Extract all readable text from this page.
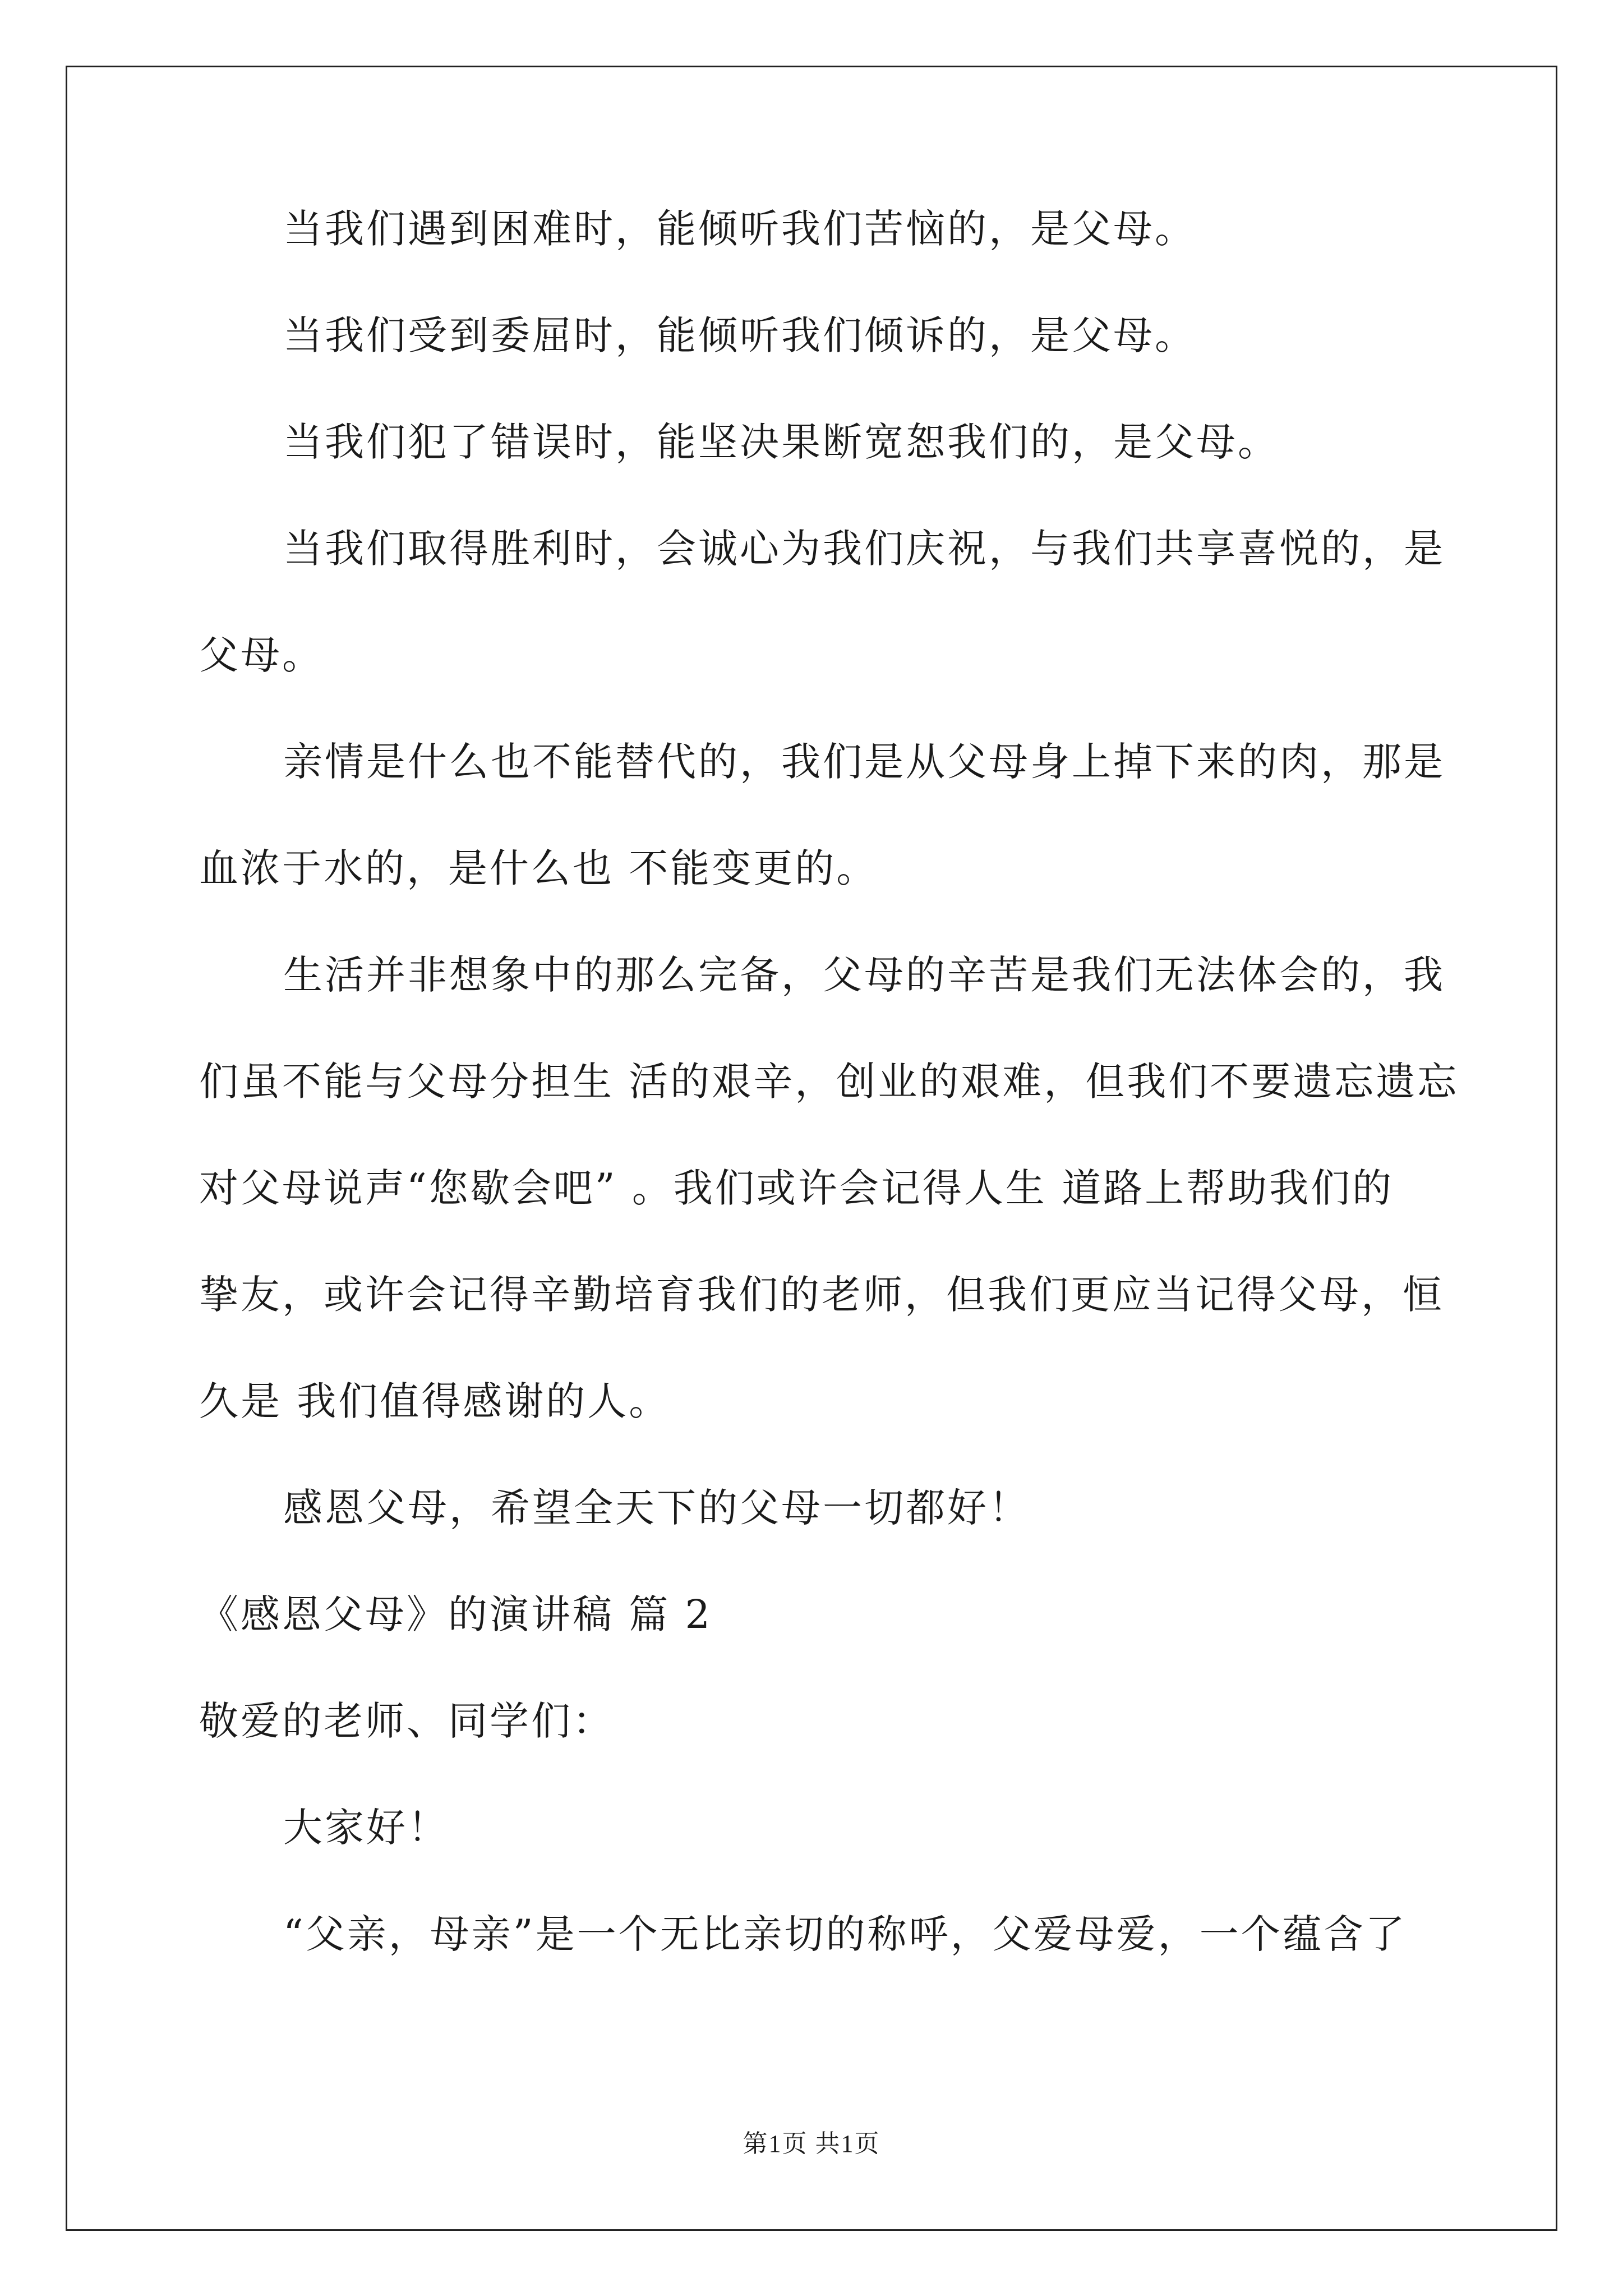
当我们遇到困难时，能倾听我们苦恼的，是父母。
当我们受到委屈时，能倾听我们倾诉的，是父母。
当我们犯了错误时，能坚决果断宽恕我们的，是父母。
当我们取得胜利时，会诚心为我们庆祝，与我们共享喜悦的，是
父母。
亲情是什么也不能替代的，我们是从父母身上掉下来的肉，那是
血浓于水的，是什么也 不能变更的。
生活并非想象中的那么完备，父母的辛苦是我们无法体会的，我
们虽不能与父母分担生 活的艰辛，创业的艰难，但我们不要遗忘遗忘
对父母说声“您歇会吧” 。我们或许会记得人生 道路上帮助我们的
挚友，或许会记得辛勤培育我们的老师，但我们更应当记得父母，恒
久是 我们值得感谢的人。
感恩父母，希望全天下的父母一切都好！
《感恩父母》的演讲稿 篇 2
敬爱的老师、同学们：
大家好！
“父亲，母亲”是一个无比亲切的称呼，父爱母爱，一个蕴含了
第1页 共1页
